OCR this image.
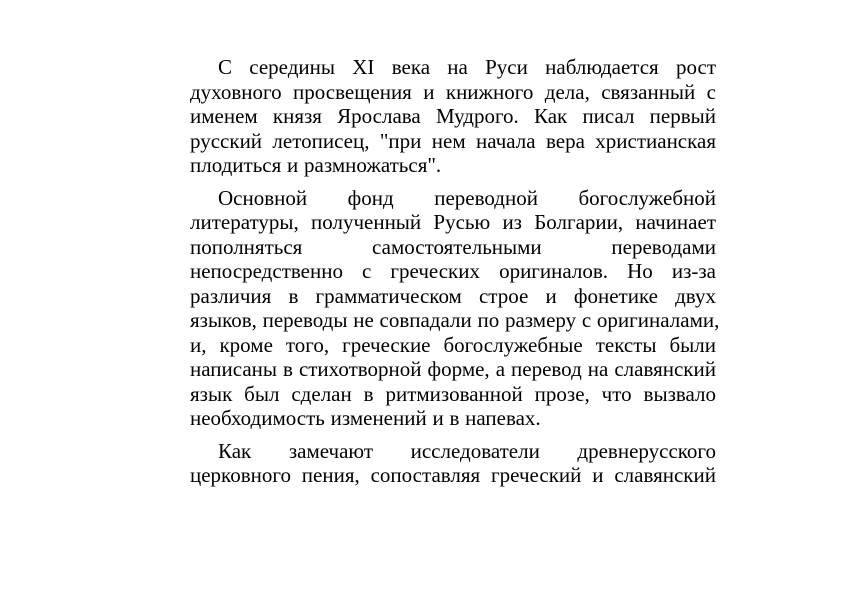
С середины XI века на Руси наблюдается рост
духовного просвещения и книжного дела, связанный с
именем князя Ярослава Мудрого. Как писал первый
русский летописец, "при нем начала вера христианская
плодиться и размножаться".
Основной фонд переводной богослужебной
литературы, полученный Русью из Болгарии, начинает
пополняться самостоятельными переводами
непосредственно с греческих оригиналов. Но из-за
различия в грамматическом строе и фонетике двух
языков, переводы не совпадали по размеру с оригиналами,
и, кроме того, греческие богослужебные тексты были
написаны в стихотворной форме, а перевод на славянский
язык был сделан в ритмизованной прозе, что вызвало
необходимость изменений и в напевах.
Как замечают исследователи древнерусского
церковного пения, сопоставляя греческий и славянский
